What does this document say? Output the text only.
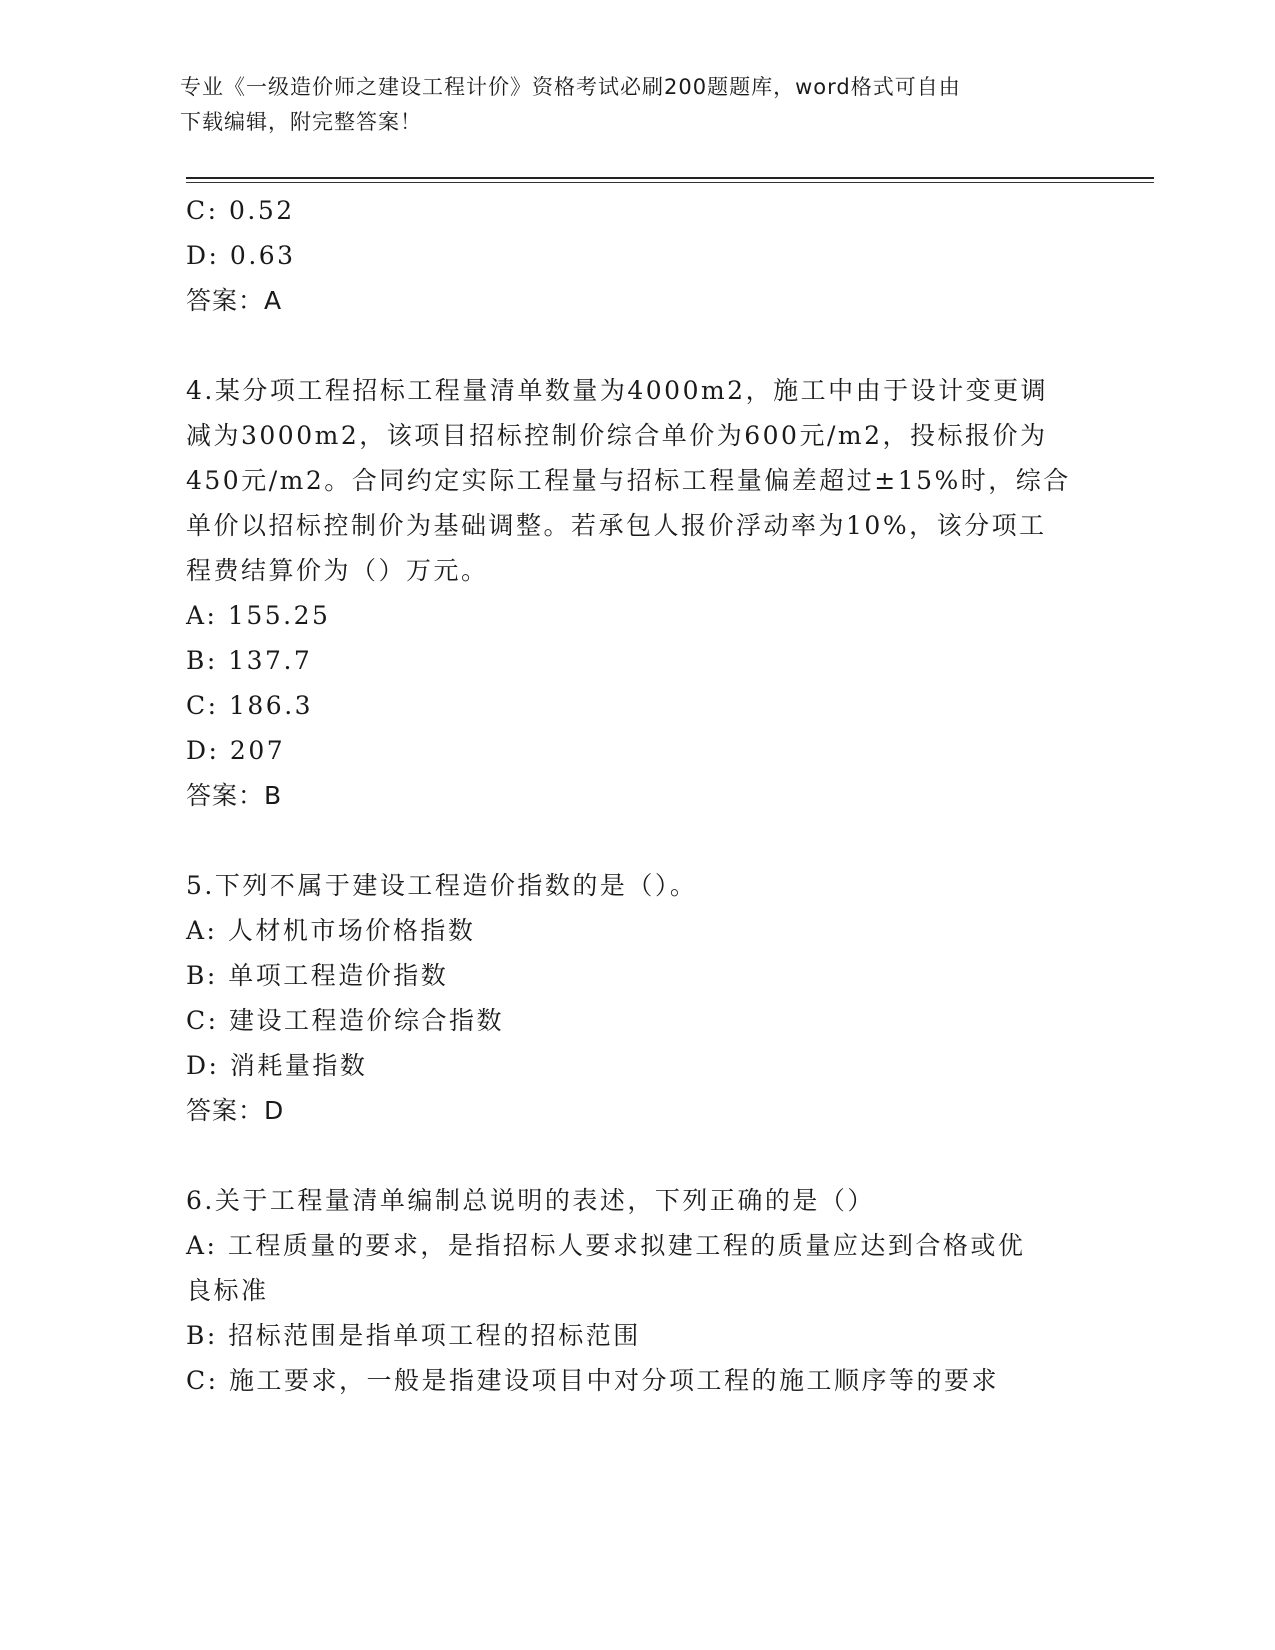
专业《一级造价师之建设工程计价》资格考试必刷200题题库，word格式可自由
下载编辑，附完整答案！
C: 0.52
D: 0.63
答案：A
4.某分项工程招标工程量清单数量为4000m2，施工中由于设计变更调
减为3000m2，该项目招标控制价综合单价为600元/m2，投标报价为
450元/m2。合同约定实际工程量与招标工程量偏差超过±15%时，综合
单价以招标控制价为基础调整。若承包人报价浮动率为10%，该分项工
程费结算价为（）万元。
A: 155.25
B: 137.7
C: 186.3
D: 207
答案：B
5.下列不属于建设工程造价指数的是（）。
A: 人材机市场价格指数
B: 单项工程造价指数
C: 建设工程造价综合指数
D: 消耗量指数
答案：D
6.关于工程量清单编制总说明的表述，下列正确的是（）
A: 工程质量的要求，是指招标人要求拟建工程的质量应达到合格或优
良标准
B: 招标范围是指单项工程的招标范围
C: 施工要求，一般是指建设项目中对分项工程的施工顺序等的要求
